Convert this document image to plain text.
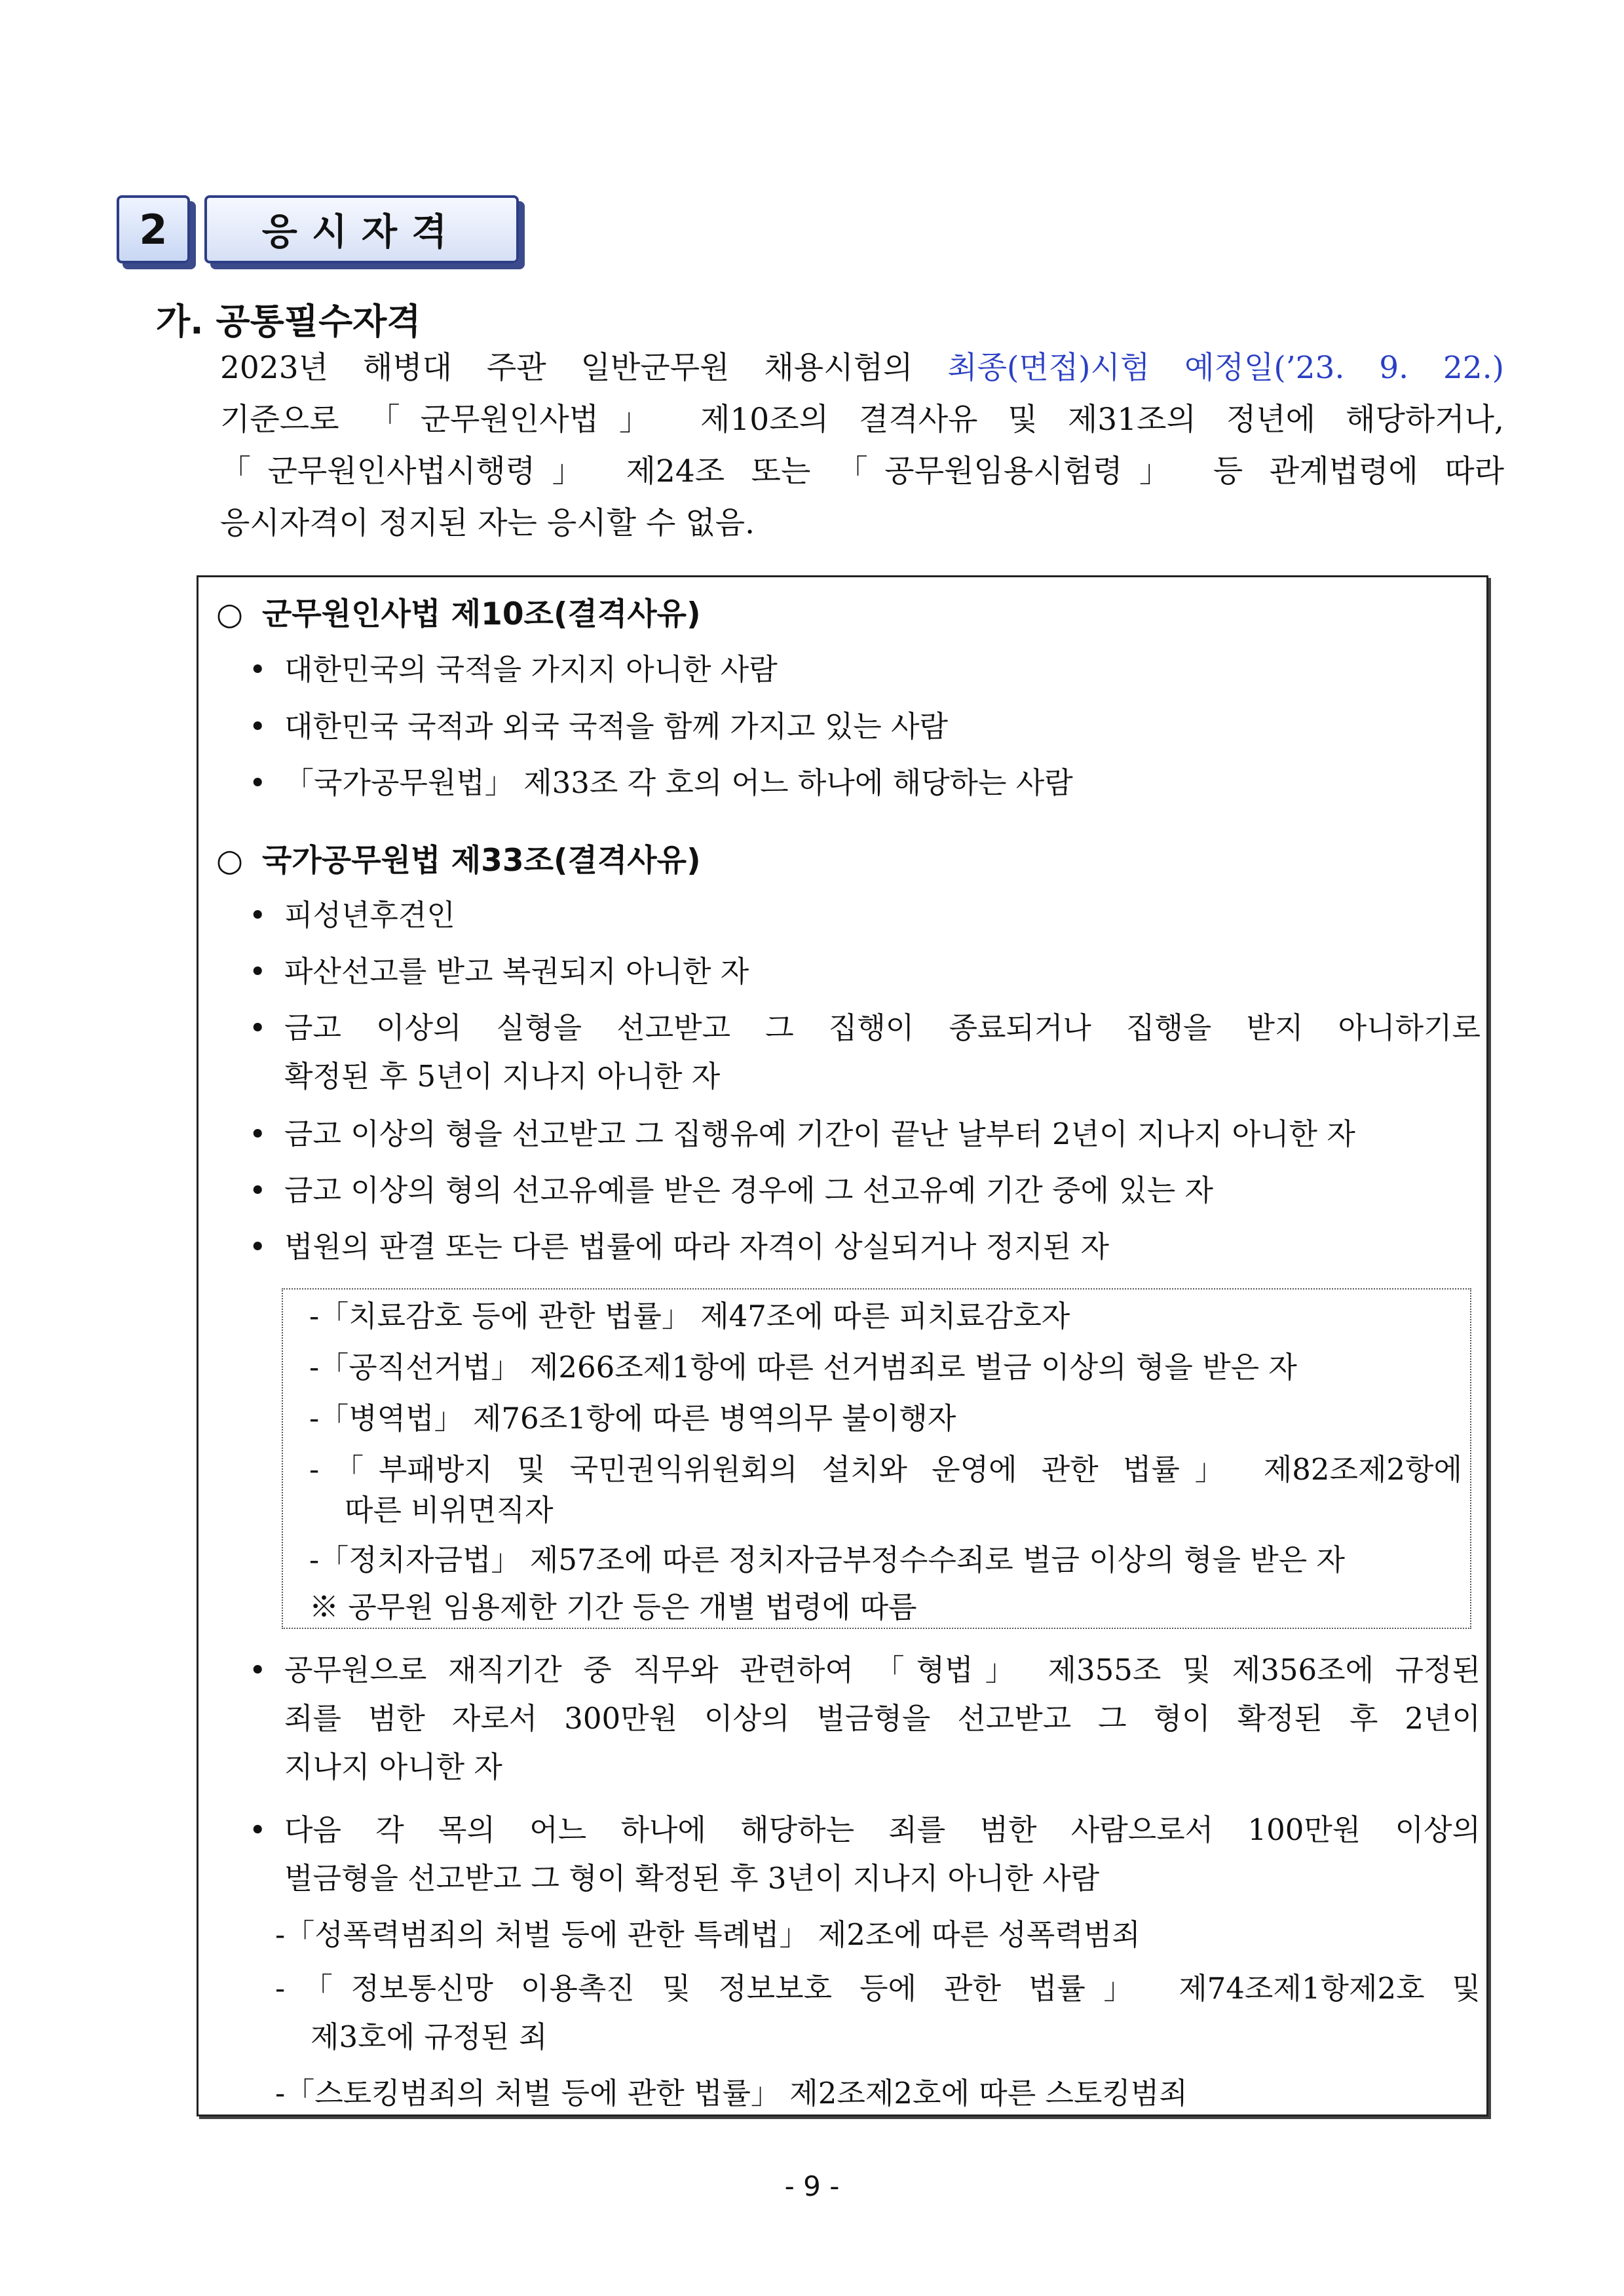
2	응시자격
가. 공통필수자격
2023년 해병대 주관 일반군무원 채용시험의 최종(면접)시험 예정일(’23. 9. 22.)
기준으로 「군무원인사법」 제10조의 결격사유 및 제31조의 정년에 해당하거나,
「군무원인사법시행령」 제24조 또는 「공무원임용시험령」 등 관계법령에 따라
응시자격이 정지된 자는 응시할 수 없음.
○ 군무원인사법 제10조(결격사유)
• 대한민국의 국적을 가지지 아니한 사람
• 대한민국 국적과 외국 국적을 함께 가지고 있는 사람
• 「국가공무원법」 제33조 각 호의 어느 하나에 해당하는 사람
○ 국가공무원법 제33조(결격사유)
• 피성년후견인
• 파산선고를 받고 복권되지 아니한 자
• 금고 이상의 실형을 선고받고 그 집행이 종료되거나 집행을 받지 아니하기로
확정된 후 5년이 지나지 아니한 자
• 금고 이상의 형을 선고받고 그 집행유예 기간이 끝난 날부터 2년이 지나지 아니한 자
• 금고 이상의 형의 선고유예를 받은 경우에 그 선고유예 기간 중에 있는 자
• 법원의 판결 또는 다른 법률에 따라 자격이 상실되거나 정지된 자
-「치료감호 등에 관한 법률」 제47조에 따른 피치료감호자
-「공직선거법」 제266조제1항에 따른 선거범죄로 벌금 이상의 형을 받은 자
-「병역법」 제76조1항에 따른 병역의무 불이행자
-「부패방지 및 국민권익위원회의 설치와 운영에 관한 법률」 제82조제2항에
따른 비위면직자
-「정치자금법」 제57조에 따른 정치자금부정수수죄로 벌금 이상의 형을 받은 자
※ 공무원 임용제한 기간 등은 개별 법령에 따름
• 공무원으로 재직기간 중 직무와 관련하여 「형법」 제355조 및 제356조에 규정된
죄를 범한 자로서 300만원 이상의 벌금형을 선고받고 그 형이 확정된 후 2년이
지나지 아니한 자
• 다음 각 목의 어느 하나에 해당하는 죄를 범한 사람으로서 100만원 이상의
벌금형을 선고받고 그 형이 확정된 후 3년이 지나지 아니한 사람
-「성폭력범죄의 처벌 등에 관한 특례법」 제2조에 따른 성폭력범죄
-「정보통신망 이용촉진 및 정보보호 등에 관한 법률」 제74조제1항제2호 및
제3호에 규정된 죄
-「스토킹범죄의 처벌 등에 관한 법률」 제2조제2호에 따른 스토킹범죄
- 9 -
